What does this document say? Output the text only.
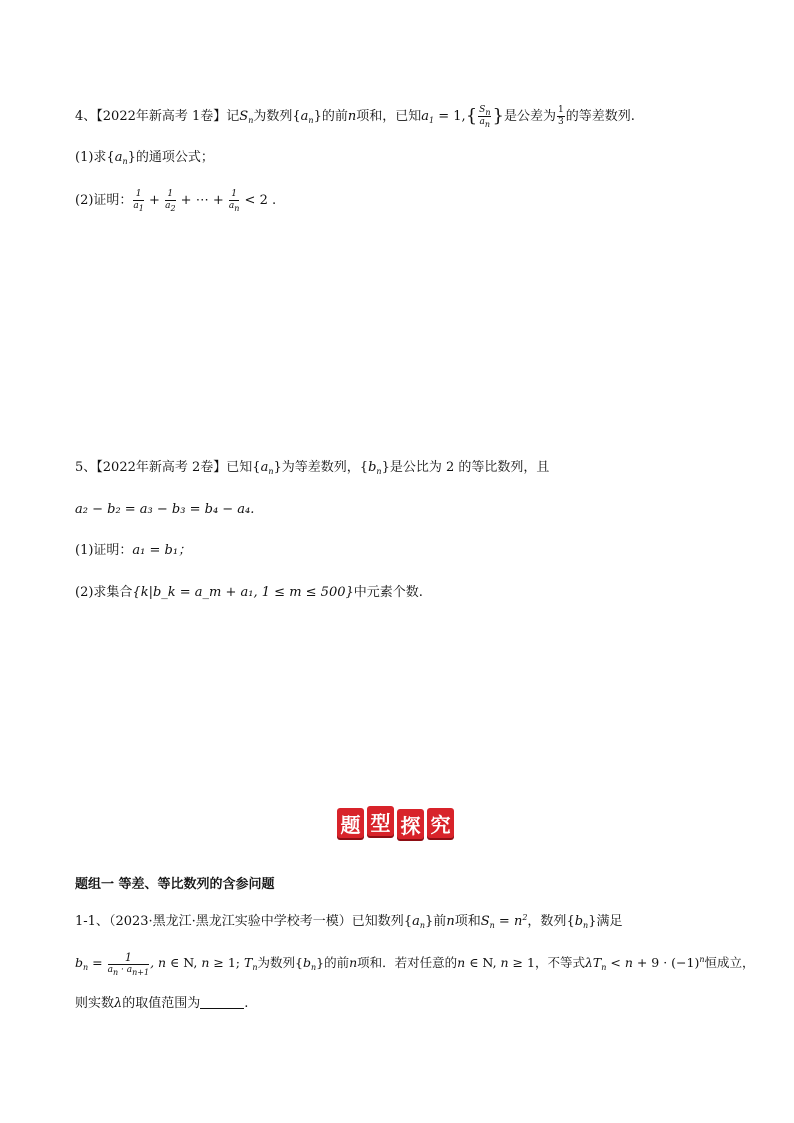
4、【2022年新高考 1卷】记$S_n$为数列$\{a_n\}$的前n项和，已知$a_1 = 1,\{ \frac{S_n}{a_n}$ }是公差为 $\frac{1}{3}$ 的等差数列.
(1)求$\{a_n\}$的通项公式；
(2)证明： $\frac{1}{a_1} + \frac{1}{a_2}$ + ⋯ + $\frac{1}{a_n} < 2$ .
5、【2022年新高考 2卷】已知$\{a_n\}$为等差数列，$\{b_n\}$是公比为 2 的等比数列，且
a₂ − b₂ = a₃ − b₃ = b₄ − a₄.
(1)证明：a₁ = b₁；
(2)求集合{k|b_k = a_m + a₁, 1 ≤ m ≤ 500}中元素个数.
题 型 探 究
题组一 等差、等比数列的含参问题
1-1、（2023·黑龙江·黑龙江实验中学校考一模）已知数列$\{a_n\}$前n项和$S_n = n^2$，数列$\{b_n\}$满足
$b_n = \frac{1}{a_n \cdot a_{n+1}}$ , n ∈ N, n ≥ 1; $T_n$为数列$\{b_n\}$的前n项和．若对任意的n ∈ N, n ≥ 1，不等式$\lambda T_n < n + 9 \cdot (-1)^n$恒成立，
则实数λ的取值范围为	.
